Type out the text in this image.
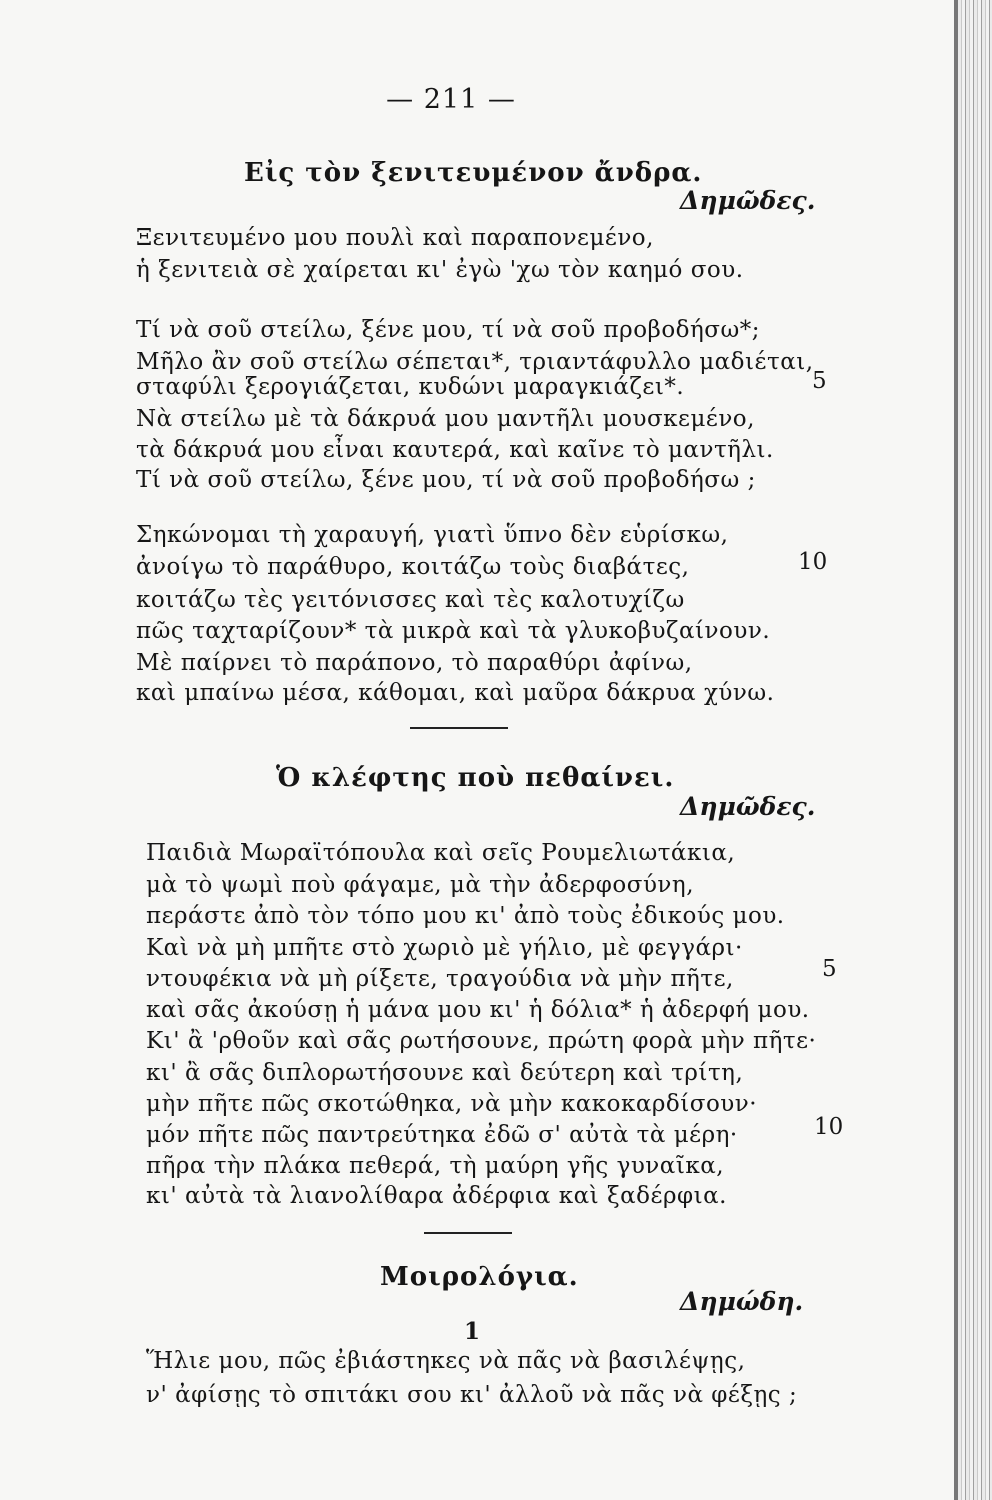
— 211 —
Εἰς τὸν ξενιτευμένον ἄνδρα.
Δημῶδες.
Ξενιτευμένο μου πουλὶ καὶ παραπονεμένο,
ἡ ξενιτειὰ σὲ χαίρεται κι' ἐγὼ 'χω τὸν καημό σου.
Τί νὰ σοῦ στείλω, ξένε μου, τί νὰ σοῦ προβοδήσω*;
Μῆλο ἂν σοῦ στείλω σέπεται*, τριαντάφυλλο μαδιέται,
σταφύλι ξερογιάζεται, κυδώνι μαραγκιάζει*.	5
Νὰ στείλω μὲ τὰ δάκρυά μου μαντῆλι μουσκεμένο,
τὰ δάκρυά μου εἶναι καυτερά, καὶ καῖνε τὸ μαντῆλι.
Τί νὰ σοῦ στείλω, ξένε μου, τί νὰ σοῦ προβοδήσω ;
Σηκώνομαι τὴ χαραυγή, γιατὶ ὕπνο δὲν εὑρίσκω,
ἀνοίγω τὸ παράθυρο, κοιτάζω τοὺς διαβάτες,	10
κοιτάζω τὲς γειτόνισσες καὶ τὲς καλοτυχίζω
πῶς ταχταρίζουν* τὰ μικρὰ καὶ τὰ γλυκοβυζαίνουν.
Μὲ παίρνει τὸ παράπονο, τὸ παραθύρι ἀφίνω,
καὶ μπαίνω μέσα, κάθομαι, καὶ μαῦρα δάκρυα χύνω.
Ὁ κλέφτης ποὺ πεθαίνει.
Δημῶδες.
Παιδιὰ Μωραϊτόπουλα καὶ σεῖς Ρουμελιωτάκια,
μὰ τὸ ψωμὶ ποὺ φάγαμε, μὰ τὴν ἀδερφοσύνη,
περάστε ἀπὸ τὸν τόπο μου κι' ἀπὸ τοὺς ἐδικούς μου.
Καὶ νὰ μὴ μπῆτε στὸ χωριὸ μὲ γήλιο, μὲ φεγγάρι·
ντουφέκια νὰ μὴ ρίξετε, τραγούδια νὰ μὴν πῆτε,	5
καὶ σᾶς ἀκούσῃ ἡ μάνα μου κι' ἡ δόλια* ἡ ἀδερφή μου.
Κι' ἂ 'ρθοῦν καὶ σᾶς ρωτήσουνε, πρώτη φορὰ μὴν πῆτε·
κι' ἂ σᾶς διπλορωτήσουνε καὶ δεύτερη καὶ τρίτη,
μὴν πῆτε πῶς σκοτώθηκα, νὰ μὴν κακοκαρδίσουν·
μόν πῆτε πῶς παντρεύτηκα ἐδῶ σ' αὐτὰ τὰ μέρη·	10
πῆρα τὴν πλάκα πεθερά, τὴ μαύρη γῆς γυναῖκα,
κι' αὐτὰ τὰ λιανολίθαρα ἀδέρφια καὶ ξαδέρφια.
Μοιρολόγια.
Δημώδη.
1
Ἥλιε μου, πῶς ἐβιάστηκες νὰ πᾶς νὰ βασιλέψῃς,
ν' ἀφίσῃς τὸ σπιτάκι σου κι' ἀλλοῦ νὰ πᾶς νὰ φέξῃς ;
